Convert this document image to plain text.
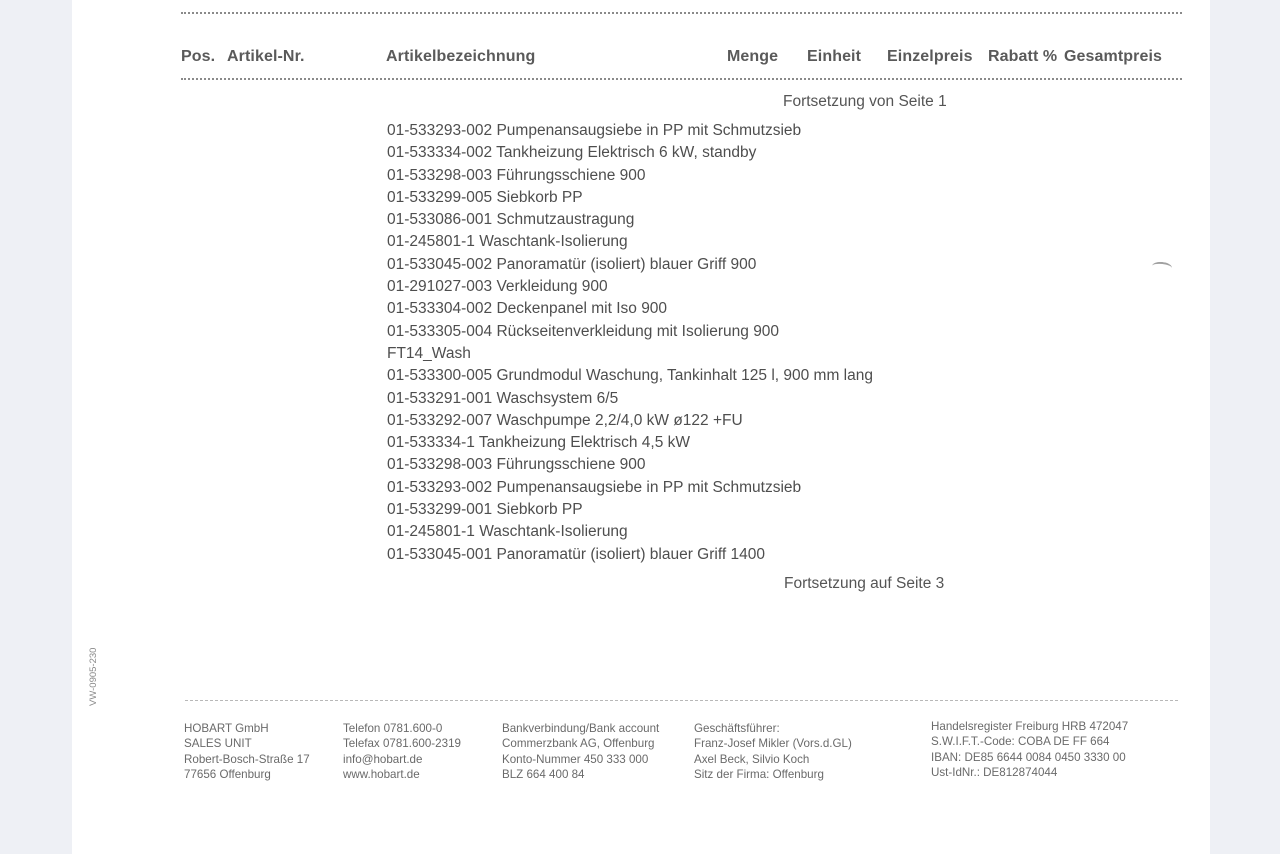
Pos. Artikel-Nr.	Artikelbezeichnung	Menge Einheit Einzelpreis Rabatt % Gesamtpreis
Fortsetzung von Seite 1
01-533293-002 Pumpenansaugsiebe in PP mit Schmutzsieb
01-533334-002 Tankheizung Elektrisch 6 kW, standby
01-533298-003 Führungsschiene 900
01-533299-005 Siebkorb PP
01-533086-001 Schmutzaustragung
01-245801-1 Waschtank-Isolierung
01-533045-002 Panoramatür (isoliert) blauer Griff 900
01-291027-003 Verkleidung 900
01-533304-002 Deckenpanel mit Iso 900
01-533305-004 Rückseitenverkleidung mit Isolierung 900
FT14_Wash
01-533300-005 Grundmodul Waschung, Tankinhalt 125 l, 900 mm lang
01-533291-001 Waschsystem 6/5
01-533292-007 Waschpumpe 2,2/4,0 kW ø122 +FU
01-533334-1 Tankheizung Elektrisch 4,5 kW
01-533298-003 Führungsschiene 900
01-533293-002 Pumpenansaugsiebe in PP mit Schmutzsieb
01-533299-001 Siebkorb PP
01-245801-1 Waschtank-Isolierung
01-533045-001 Panoramatür (isoliert) blauer Griff 1400
Fortsetzung auf Seite 3
VW-0905-230
HOBART GmbH
SALES UNIT
Robert-Bosch-Straße 17
77656 Offenburg
Telefon 0781.600-0
Telefax 0781.600-2319
info@hobart.de
www.hobart.de
Bankverbindung/Bank account
Commerzbank AG, Offenburg
Konto-Nummer 450 333 000
BLZ 664 400 84
Geschäftsführer:
Franz-Josef Mikler (Vors.d.GL)
Axel Beck, Silvio Koch
Sitz der Firma: Offenburg
Handelsregister Freiburg HRB 472047
S.W.I.F.T.-Code: COBA DE FF 664
IBAN: DE85 6644 0084 0450 3330 00
Ust-IdNr.: DE812874044
